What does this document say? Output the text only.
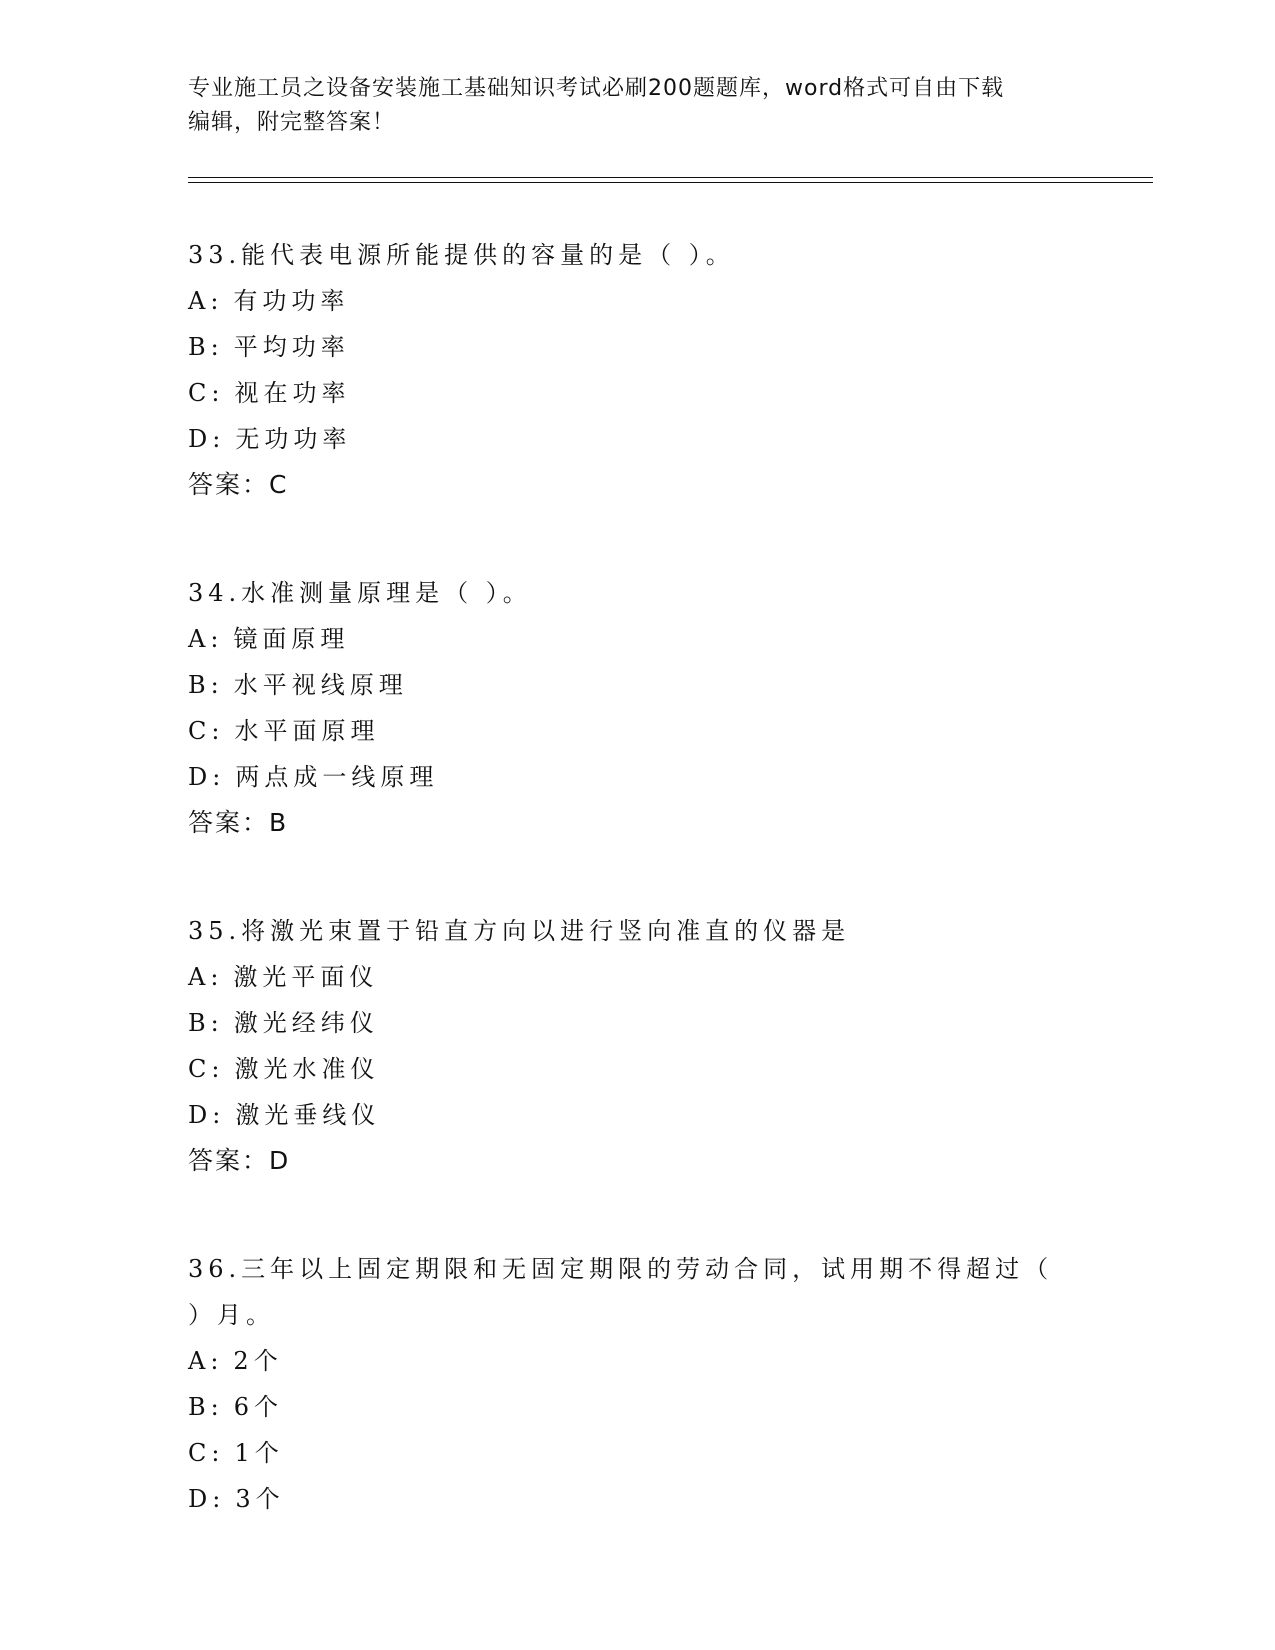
专业施工员之设备安装施工基础知识考试必刷200题题库，word格式可自由下载
编辑，附完整答案！
33.能代表电源所能提供的容量的是（ ）。
A: 有功功率
B: 平均功率
C: 视在功率
D: 无功功率
答案：C
34.水准测量原理是（ ）。
A: 镜面原理
B: 水平视线原理
C: 水平面原理
D: 两点成一线原理
答案：B
35.将激光束置于铅直方向以进行竖向准直的仪器是
A: 激光平面仪
B: 激光经纬仪
C: 激光水准仪
D: 激光垂线仪
答案：D
36.三年以上固定期限和无固定期限的劳动合同，试用期不得超过（
）月。
A: 2个
B: 6个
C: 1个
D: 3个
